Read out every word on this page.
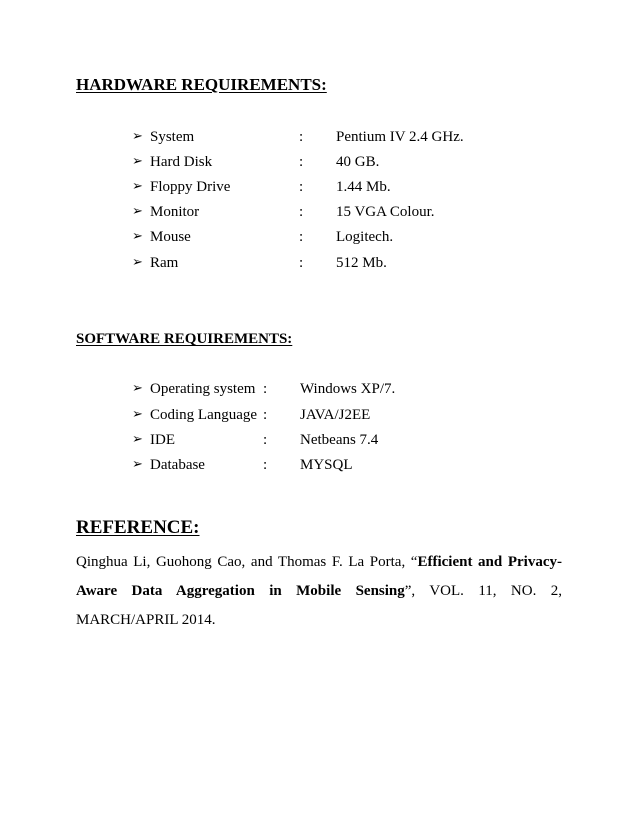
HARDWARE REQUIREMENTS:
➢ System	: Pentium IV 2.4 GHz.
➢ Hard Disk	: 40 GB.
➢ Floppy Drive	: 1.44 Mb.
➢ Monitor	: 15 VGA Colour.
➢ Mouse	: Logitech.
➢ Ram	: 512 Mb.
SOFTWARE REQUIREMENTS:
➢ Operating system : Windows XP/7.
➢ Coding Language : JAVA/J2EE
➢ IDE	: Netbeans 7.4
➢ Database	: MYSQL
REFERENCE:

Qinghua Li, Guohong Cao, and Thomas F. La Porta, “Efficient and Privacy-Aware Data Aggregation in Mobile Sensing”, VOL. 11, NO. 2, MARCH/APRIL 2014.
